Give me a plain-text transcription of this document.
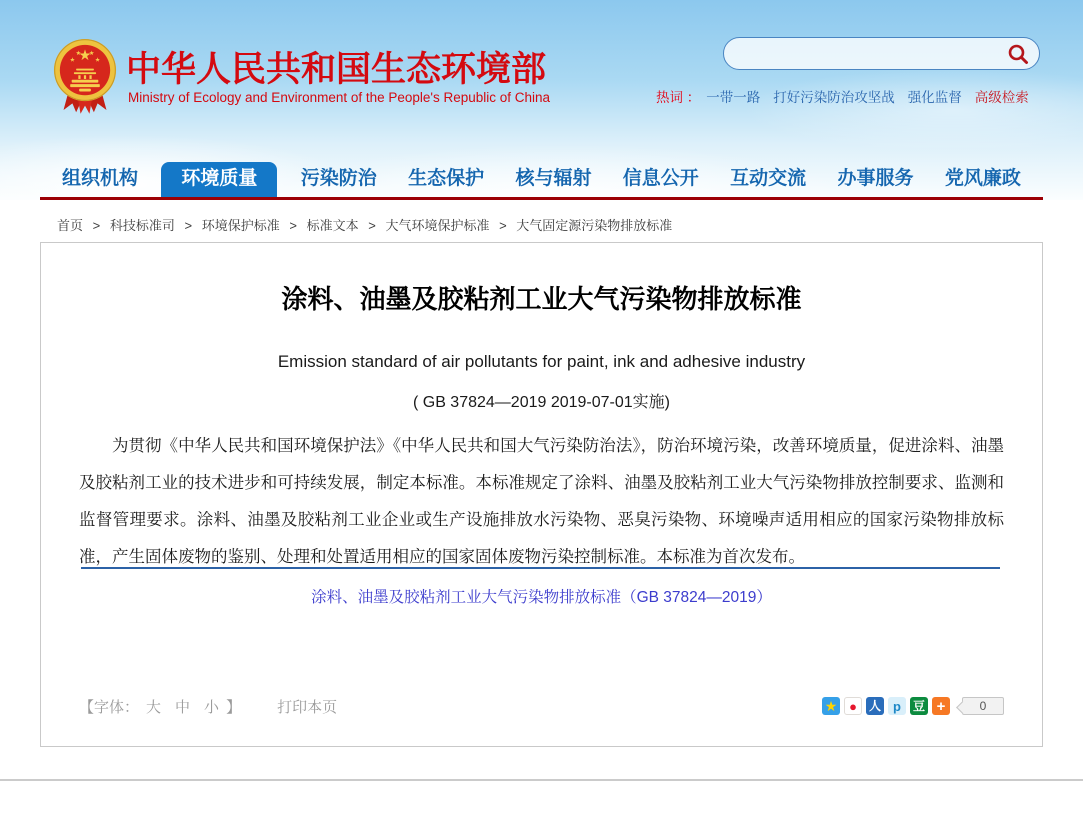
中华人民共和国生态环境部
Ministry of Ecology and Environment of the People's Republic of China	热词 ： 一带一路 打好污染防治攻坚战 强化监督 高级检索
组织机构	环境质量	污染防治	生态保护	核与辐射	信息公开	互动交流	办事服务	党风廉政
首页 > 科技标准司 > 环境保护标准 > 标准文本 > 大气环境保护标准 > 大气固定源污染物排放标准
涂料、油墨及胶粘剂工业大气污染物排放标准
Emission standard of air pollutants for paint, ink and adhesive industry
( GB 37824—2019 2019-07-01实施)

为贯彻《中华人民共和国环境保护法》《中华人民共和国大气污染防治法》，防治环境污染，改善环境质量，促进涂料、油墨及胶粘剂工业的技术进步和可持续发展，制定本标准。本标准规定了涂料、油墨及胶粘剂工业大气污染物排放控制要求、监测和监督管理要求。涂料、油墨及胶粘剂工业企业或生产设施排放水污染物、恶臭污染物、环境噪声适用相应的国家污染物排放标准，产生固体废物的鉴别、处理和处置适用相应的国家固体废物污染控制标准。本标准为首次发布。

涂料、油墨及胶粘剂工业大气污染物排放标准（GB 37824—2019）
【字体： 大 中 小 】 打印本页	★ ●	人 p	豆 +	0
